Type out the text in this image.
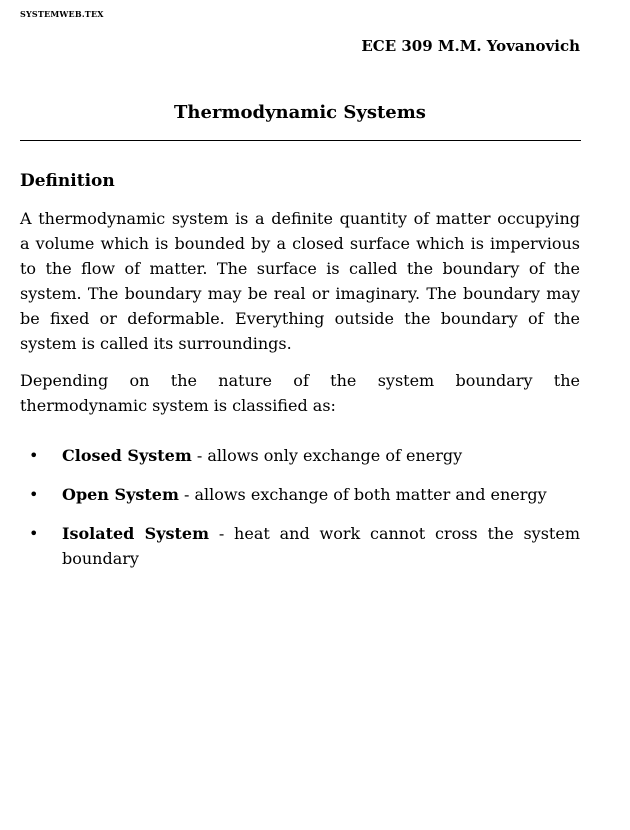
SYSTEMWEB.TEX
ECE 309 M.M. Yovanovich
Thermodynamic Systems
Definition

A thermodynamic system is a definite quantity of matter occupying a volume which is bounded by a closed surface which is impervious to the flow of matter. The surface is called the boundary of the system. The boundary may be real or imaginary. The boundary may be fixed or deformable. Everything outside the boundary of the system is called its surroundings.

Depending on the nature of the system boundary the thermodynamic system is classified as:

• Closed System - allows only exchange of energy
• Open System - allows exchange of both matter and energy
• Isolated System - heat and work cannot cross the system boundary
